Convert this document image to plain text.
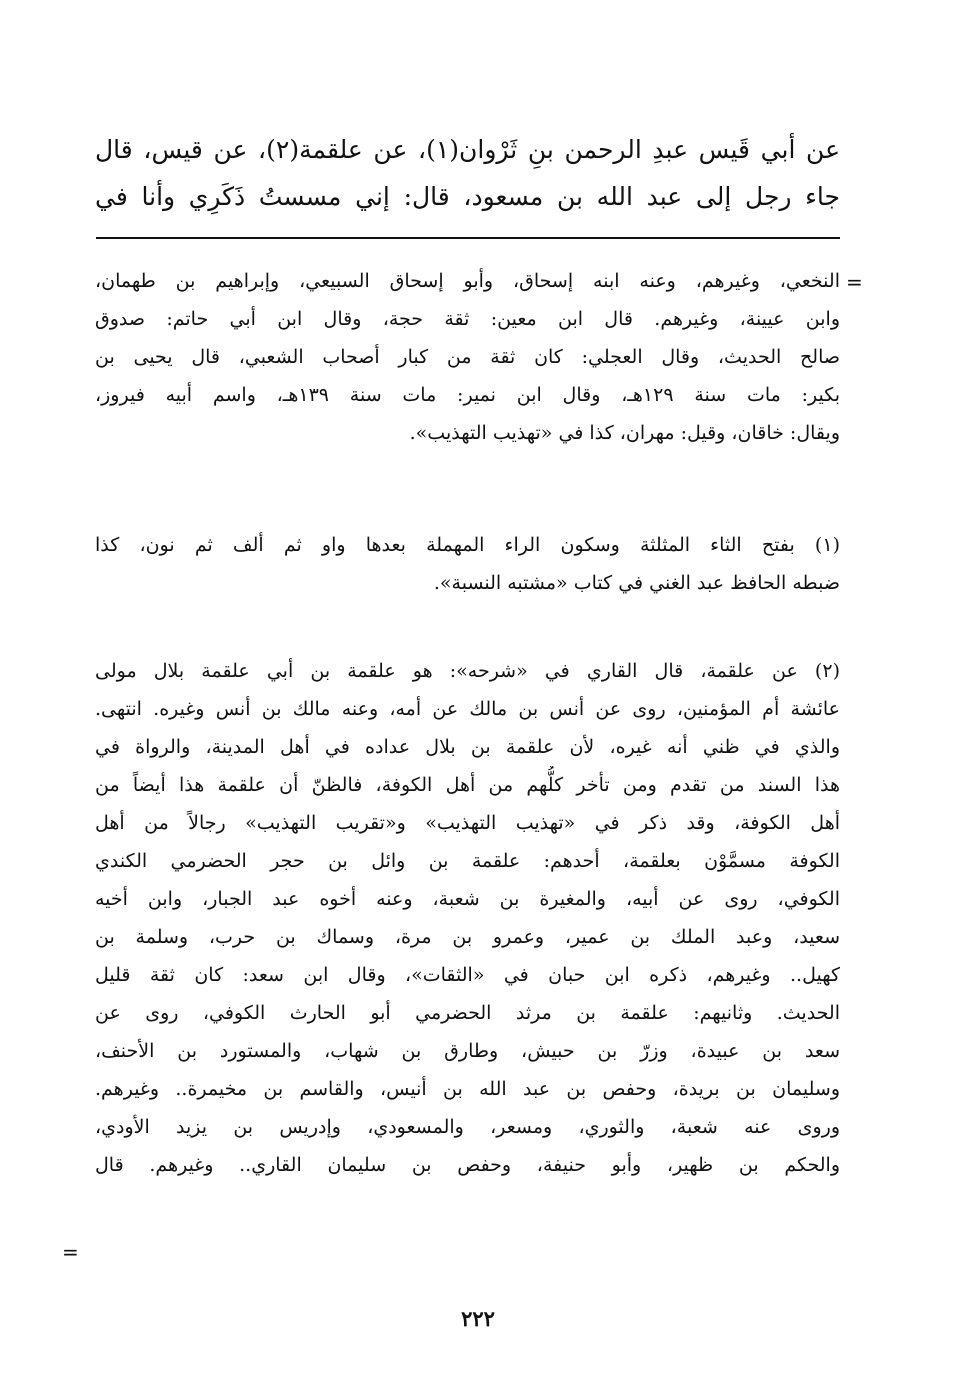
عن أبي قَيس عبدِ الرحمن بنِ ثَرْوان(١)، عن علقمة(٢)، عن قيس، قال
جاء رجل إلى عبد الله بن مسعود، قال: إني مسستُ ذَكَرِي وأنا في
=
النخعي، وغيرهم، وعنه ابنه إسحاق، وأبو إسحاق السبيعي، وإبراهيم بن طهمان،
وابن عيينة، وغيرهم. قال ابن معين: ثقة حجة، وقال ابن أبي حاتم: صدوق
صالح الحديث، وقال العجلي: كان ثقة من كبار أصحاب الشعبي، قال يحيى بن
بكير: مات سنة ١٢٩هـ، وقال ابن نمير: مات سنة ١٣٩هـ، واسم أبيه فيروز،
ويقال: خاقان، وقيل: مهران، كذا في «تهذيب التهذيب».
(١) بفتح الثاء المثلثة وسكون الراء المهملة بعدها واو ثم ألف ثم نون، كذا
ضبطه الحافظ عبد الغني في كتاب «مشتبه النسبة».
(٢) عن علقمة، قال القاري في «شرحه»: هو علقمة بن أبي علقمة بلال مولى
عائشة أم المؤمنين، روى عن أنس بن مالك عن أمه، وعنه مالك بن أنس وغيره. انتهى.
والذي في ظني أنه غيره، لأن علقمة بن بلال عداده في أهل المدينة، والرواة في
هذا السند من تقدم ومن تأخر كلُّهم من أهل الكوفة، فالظنّ أن علقمة هذا أيضاً من
أهل الكوفة، وقد ذكر في «تهذيب التهذيب» و«تقريب التهذيب» رجالاً من أهل
الكوفة مسمَّوْن بعلقمة، أحدهم: علقمة بن وائل بن حجر الحضرمي الكندي
الكوفي، روى عن أبيه، والمغيرة بن شعبة، وعنه أخوه عبد الجبار، وابن أخيه
سعيد، وعبد الملك بن عمير، وعمرو بن مرة، وسماك بن حرب، وسلمة بن
كهيل.. وغيرهم، ذكره ابن حبان في «الثقات»، وقال ابن سعد: كان ثقة قليل
الحديث. وثانيهم: علقمة بن مرثد الحضرمي أبو الحارث الكوفي، روى عن
سعد بن عبيدة، وزرّ بن حبيش، وطارق بن شهاب، والمستورد بن الأحنف،
وسليمان بن بريدة، وحفص بن عبد الله بن أنيس، والقاسم بن مخيمرة.. وغيرهم.
وروى عنه شعبة، والثوري، ومسعر، والمسعودي، وإدريس بن يزيد الأودي،
والحكم بن ظهير، وأبو حنيفة، وحفص بن سليمان القاري.. وغيرهم. قال
=
٢٢٢
